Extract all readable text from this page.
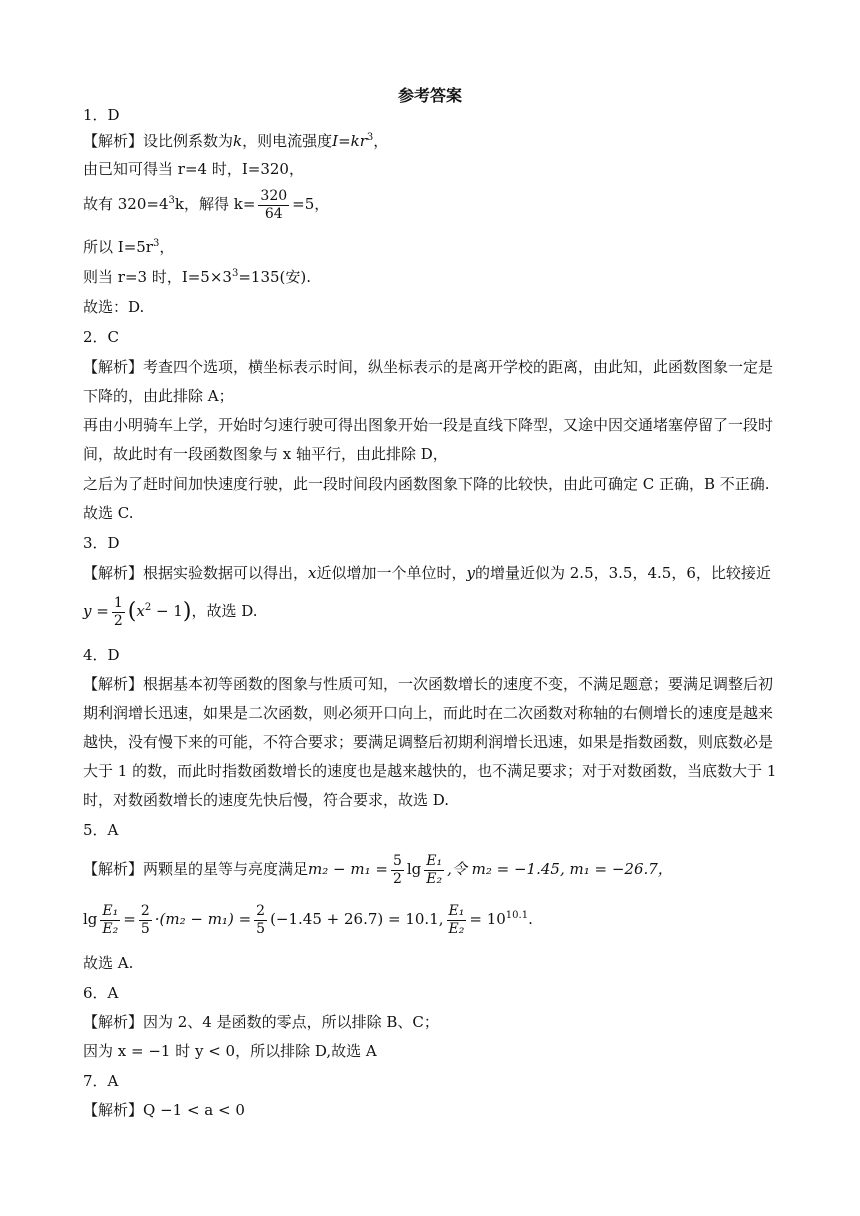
参考答案
1．D
【解析】设比例系数为k，则电流强度$I=kr^3$，
由已知可得当 r=4 时，I=320，
故有 $320=4^3k$，解得 $k= \frac{320}{64} =5$，
所以 $I=5r^3$，
则当 r=3 时，$I=5\times 3^3=135$(安).
故选：D.
2．C
【解析】考查四个选项，横坐标表示时间，纵坐标表示的是离开学校的距离，由此知，此函数图象一定是
下降的，由此排除 A；
再由小明骑车上学，开始时匀速行驶可得出图象开始一段是直线下降型，又途中因交通堵塞停留了一段时
间，故此时有一段函数图象与 x 轴平行，由此排除 D，
之后为了赶时间加快速度行驶，此一段时间段内函数图象下降的比较快，由此可确定 C 正确，B 不正确.
故选 C.
3．D
【解析】根据实验数据可以得出，x近似增加一个单位时，y的增量近似为 2.5，3.5，4.5，6，比较接近
$y = \frac{1}{2} (x^2 - 1)$，故选 D.
4．D
【解析】根据基本初等函数的图象与性质可知，一次函数增长的速度不变，不满足题意；要满足调整后初
期利润增长迅速，如果是二次函数，则必须开口向上，而此时在二次函数对称轴的右侧增长的速度是越来
越快，没有慢下来的可能，不符合要求；要满足调整后初期利润增长迅速，如果是指数函数，则底数必是
大于 1 的数，而此时指数函数增长的速度也是越来越快的，也不满足要求；对于对数函数，当底数大于 1
时，对数函数增长的速度先快后慢，符合要求，故选 D.
5．A
【解析】两颗星的星等与亮度满足$m_2 - m_1 = \frac{5}{2}$ $\lg \frac{\text{E₁}}{\text{E₂}}$ ,令 m₂ = −1.45, m₁ = −26.7，
$\lg \frac{\text{E₁}}{\text{E₂}} = \frac{2}{5} \cdot(m_2 - m_1) = \frac{2}{5} (-1.45 + 26.7) = 10.1$, $\frac{\text{E₁}}{\text{E₂}} = 10^{10.1}$.
故选 A.
6．A
【解析】因为 2、4 是函数的零点，所以排除 B、C；
因为 x = −1 时 y < 0，所以排除 D,故选 A
7．A
【解析】Q −1 < a < 0
